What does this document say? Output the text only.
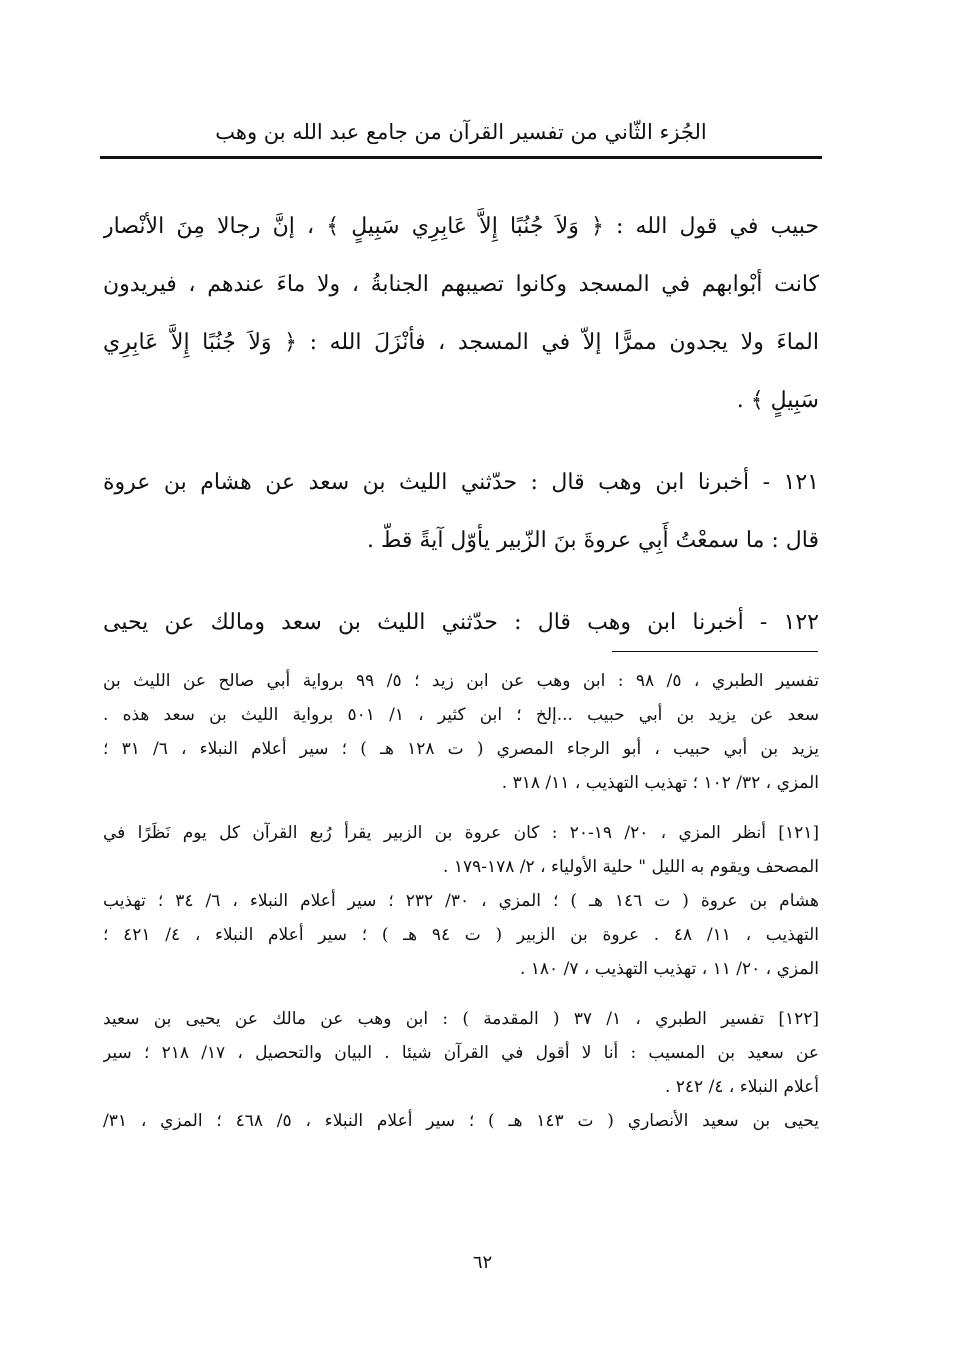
الجُزء الثّاني من تفسير القرآن من جامع عبد الله بن وهب
حبيب في قول الله : ﴿ وَلاَ جُنُبًا إِلاَّ عَابِرِي سَبِيلٍ ﴾ ، إنَّ رجالا مِنَ الأنْصار
كانت أبْوابهم في المسجد وكانوا تصيبهم الجنابةُ ، ولا ماءَ عندهم ، فيريدون
الماءَ ولا يجدون ممرًّا إلاّ في المسجد ، فأنْزَلَ الله : ﴿ وَلاَ جُنُبًا إِلاَّ عَابِرِي
سَبِيلٍ ﴾ .
١٢١ - أخبرنا ابن وهب قال : حدّثني الليث بن سعد عن هشام بن عروة
قال : ما سمعْتُ أَبِي عروةَ بنَ الزّبير يأوّل آيةً قطّ .
١٢٢ - أخبرنا ابن وهب قال : حدّثني الليث بن سعد ومالك عن يحيى
تفسير الطبري ، ٥/ ٩٨ : ابن وهب عن ابن زيد ؛ ٥/ ٩٩ برواية أبي صالح عن الليث بن
سعد عن يزيد بن أبي حبيب ...إلخ ؛ ابن كثير ، ١/ ٥٠١ برواية الليث بن سعد هذه .
يزيد بن أبي حبيب ، أبو الرجاء المصري ( ت ١٢٨ هـ ) ؛ سير أعلام النبلاء ، ٦/ ٣١ ؛
المزي ، ٣٢/ ١٠٢ ؛ تهذيب التهذيب ، ١١/ ٣١٨ .
[١٢١] أنظر المزي ، ٢٠/ ١٩-٢٠ : كان عروة بن الزبير يقرأ رُبع القرآن كل يوم نَظَرًا في
المصحف ويقوم به الليل " حلية الأولياء ، ٢/ ١٧٨-١٧٩ .
هشام بن عروة ( ت ١٤٦ هـ ) ؛ المزي ، ٣٠/ ٢٣٢ ؛ سير أعلام النبلاء ، ٦/ ٣٤ ؛ تهذيب
التهذيب ، ١١/ ٤٨ . عروة بن الزبير ( ت ٩٤ هـ ) ؛ سير أعلام النبلاء ، ٤/ ٤٢١ ؛
المزي ، ٢٠/ ١١ ، تهذيب التهذيب ، ٧/ ١٨٠ .
[١٢٢] تفسير الطبري ، ١/ ٣٧ ( المقدمة ) : ابن وهب عن مالك عن يحيى بن سعيد
عن سعيد بن المسيب : أنا لا أقول في القرآن شيئا . البيان والتحصيل ، ١٧/ ٢١٨ ؛ سير
أعلام النبلاء ، ٤/ ٢٤٢ .
يحيى بن سعيد الأنصاري ( ت ١٤٣ هـ ) ؛ سير أعلام النبلاء ، ٥/ ٤٦٨ ؛ المزي ، ٣١/
٦٢
